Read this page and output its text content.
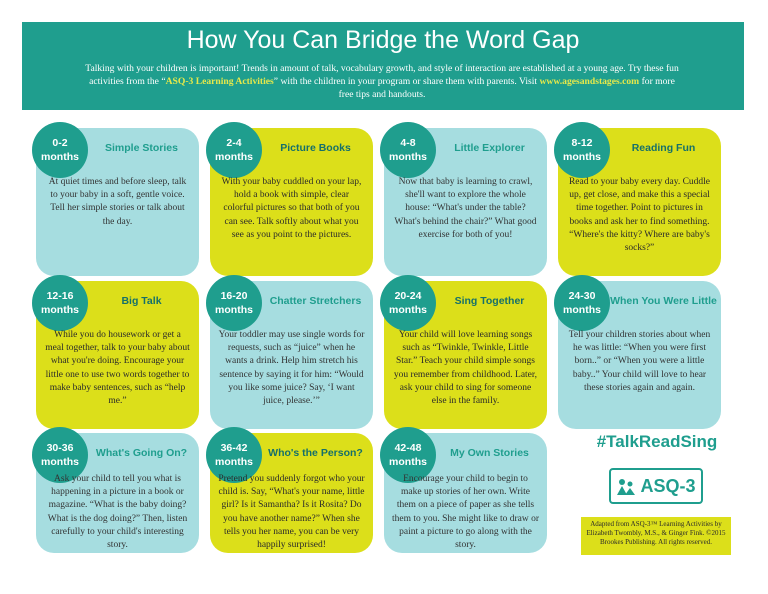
How You Can Bridge the Word Gap
Talking with your children is important! Trends in amount of talk, vocabulary growth, and style of interaction are established at a young age. Try these fun activities from the “ASQ-3 Learning Activities” with the children in your program or share them with parents. Visit www.agesandstages.com for more free tips and handouts.
0-2
months
Simple Stories
At quiet times and before sleep, talk to your baby in a soft, gentle voice. Tell her simple stories or talk about the day.
2-4
months
Picture Books
With your baby cuddled on your lap, hold a book with simple, clear colorful pictures so that both of you can see. Talk softly about what you see as you point to the pictures.
4-8
months
Little Explorer
Now that baby is learning to crawl, she'll want to explore the whole house: “What's under the table? What's behind the chair?” What good exercise for both of you!
8-12
months
Reading Fun
Read to your baby every day. Cuddle up, get close, and make this a special time together. Point to pictures in books and ask her to find something. “Where's the kitty? Where are baby's socks?”
12-16
months
Big Talk
While you do housework or get a meal together, talk to your baby about what you're doing. Encourage your little one to use two words together to make baby sentences, such as “help me.”
16-20
months
Chatter Stretchers
Your toddler may use single words for requests, such as “juice” when he wants a drink. Help him stretch his sentence by saying it for him: “Would you like some juice? Say, ‘I want juice, please.’”
20-24
months
Sing Together
Your child will love learning songs such as “Twinkle, Twinkle, Little Star.” Teach your child simple songs you remember from childhood. Later, ask your child to sing for someone else in the family.
24-30
months
When You Were Little
Tell your children stories about when he was little: “When you were first born..” or “When you were a little baby..” Your child will love to hear these stories again and again.
30-36
months
What's Going On?
Ask your child to tell you what is happening in a picture in a book or magazine. “What is the baby doing? What is the dog doing?” Then, listen carefully to your child's interesting story.
36-42
months
Who's the Person?
Pretend you suddenly forgot who your child is. Say, “What's your name, little girl? Is it Samantha? Is it Rosita? Do you have another name?” When she tells you her name, you can be very happily surprised!
42-48
months
My Own Stories
Encourage your child to begin to make up stories of her own. Write them on a piece of paper as she tells them to you. She might like to draw or paint a picture to go along with the story.
#TalkReadSing
ASQ-3
Adapted from ASQ-3™ Learning Activities by Elizabeth Twombly, M.S., & Ginger Fink. ©2015 Brookes Publishing. All rights reserved.
